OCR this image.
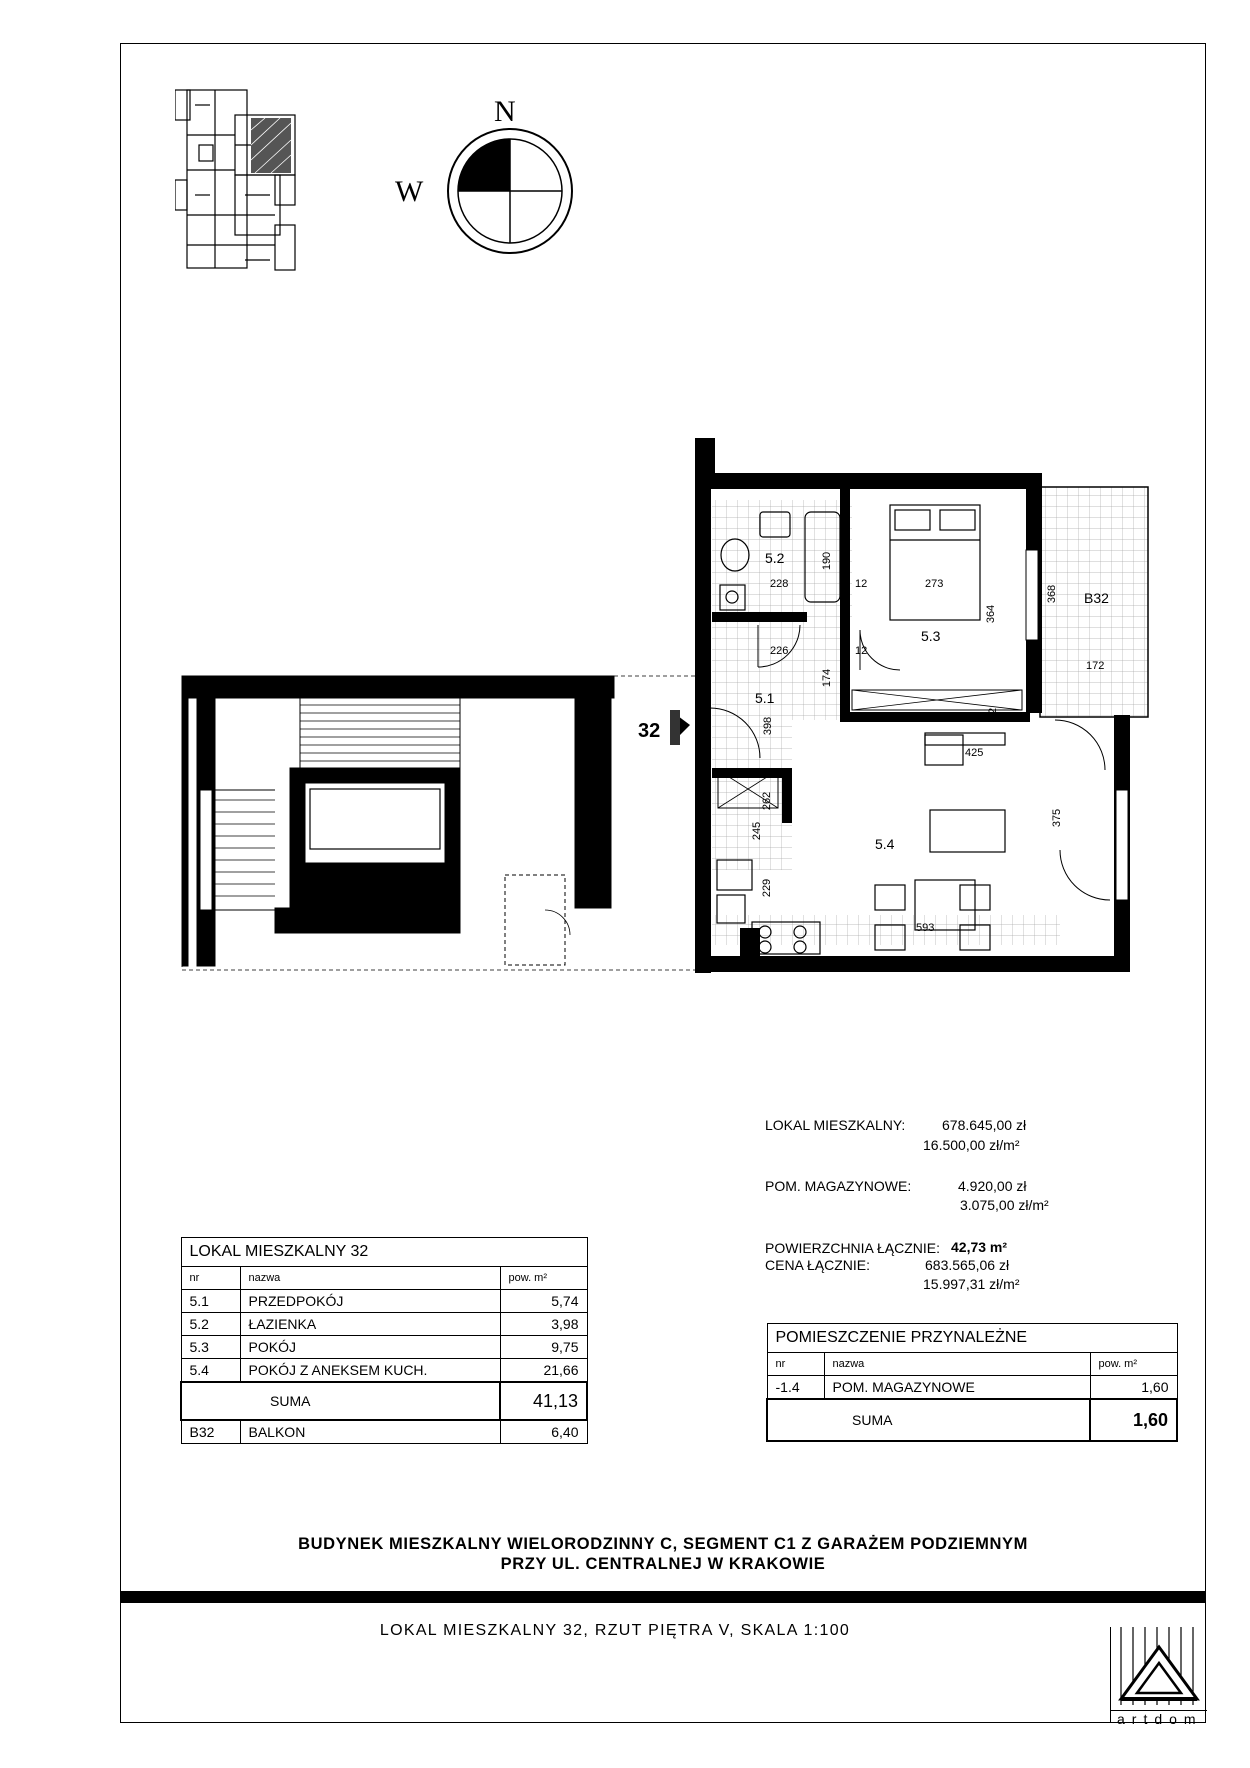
N
W
32
5.1
5.2
5.3
5.4
B32
228
190
12	273
364
368
226	12
174
12
172
398
425
262
375
245
229
593
LOKAL MIESZKALNY:	678.645,00 zł
16.500,00 zł/m²
POM. MAGAZYNOWE:	4.920,00 zł
3.075,00 zł/m²
POWIERZCHNIA ŁĄCZNIE: 42,73 m²
CENA ŁĄCZNIE:	683.565,06 zł
15.997,31 zł/m²
LOKAL MIESZKALNY 32		
nr	nazwa	pow. m²
5.1	PRZEDPOKÓJ	5,74
5.2	ŁAZIENKA	3,98
5.3	POKÓJ	9,75
5.4	POKÓJ Z ANEKSEM KUCH.	21,66
SUMA		41,13
B32	BALKON	6,40
POMIESZCZENIE PRZYNALEŻNE		
nr	nazwa	pow. m²
-1.4	POM. MAGAZYNOWE	1,60
SUMA		1,60
BUDYNEK MIESZKALNY WIELORODZINNY C, SEGMENT C1 Z GARAŻEM PODZIEMNYM
PRZY UL. CENTRALNEJ W KRAKOWIE
LOKAL MIESZKALNY 32, RZUT PIĘTRA V, SKALA 1:100
artdom
